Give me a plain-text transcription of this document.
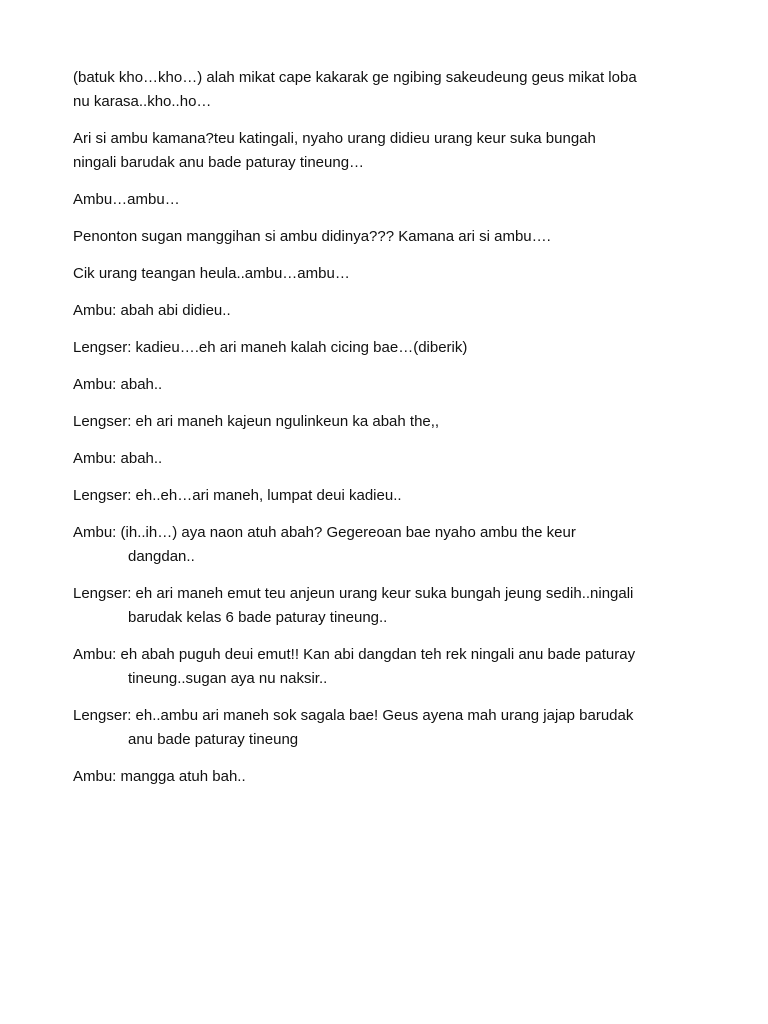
(batuk kho…kho…) alah mikat cape kakarak ge ngibing sakeudeung geus mikat loba
nu karasa..kho..ho…

Ari si ambu kamana?teu katingali, nyaho urang didieu urang keur suka bungah
ningali barudak anu bade paturay tineung…

Ambu…ambu…

Penonton sugan manggihan si ambu didinya??? Kamana ari si ambu….

Cik urang teangan heula..ambu…ambu…

Ambu: abah abi didieu..

Lengser: kadieu….eh ari maneh kalah cicing bae…(diberik)

Ambu: abah..

Lengser: eh ari maneh kajeun ngulinkeun ka abah the,,

Ambu: abah..

Lengser: eh..eh…ari maneh, lumpat deui kadieu..

Ambu: (ih..ih…) aya naon atuh abah? Gegereoan bae nyaho ambu the keur
dangdan..

Lengser: eh ari maneh emut teu anjeun urang keur suka bungah jeung sedih..ningali
barudak kelas 6 bade paturay tineung..

Ambu: eh abah puguh deui emut!! Kan abi dangdan teh rek ningali anu bade paturay
tineung..sugan aya nu naksir..

Lengser: eh..ambu ari maneh sok sagala bae! Geus ayena mah urang jajap barudak
anu bade paturay tineung

Ambu: mangga atuh bah..
